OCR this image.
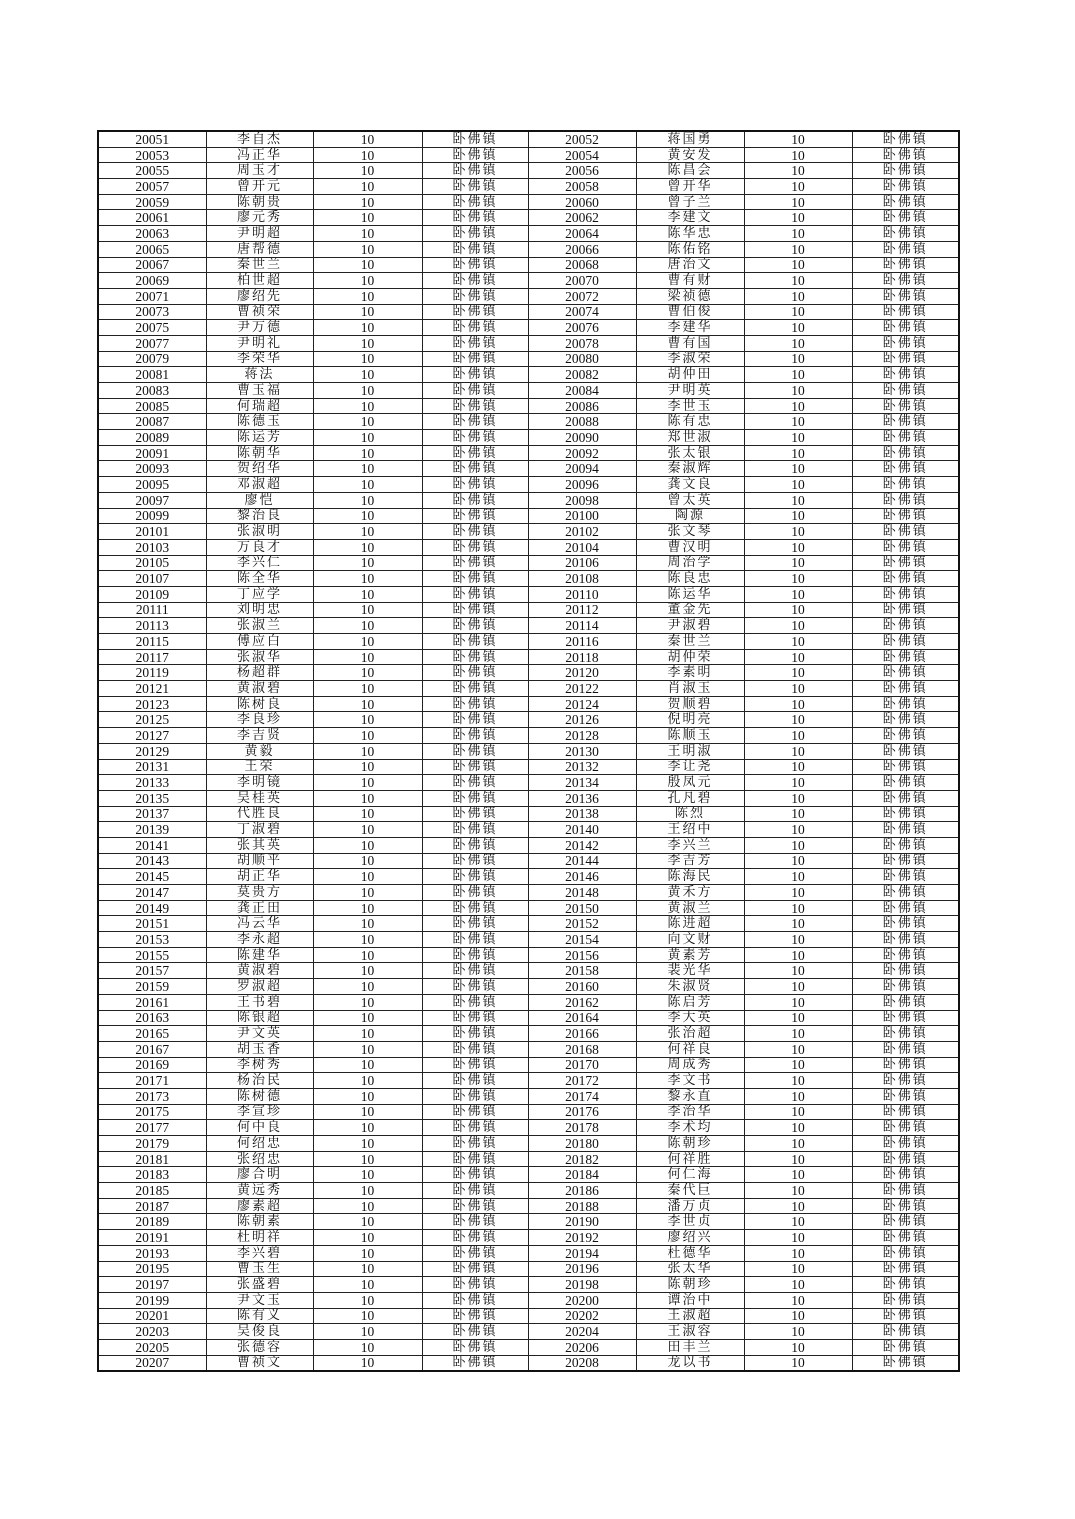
20051	李自杰	10	卧佛镇	20052	蒋国勇	10	卧佛镇
20053	冯正华	10	卧佛镇	20054	黄安发	10	卧佛镇
20055	周玉才	10	卧佛镇	20056	陈昌会	10	卧佛镇
20057	曾开元	10	卧佛镇	20058	曾开华	10	卧佛镇
20059	陈朝贵	10	卧佛镇	20060	曾子兰	10	卧佛镇
20061	廖元秀	10	卧佛镇	20062	李建文	10	卧佛镇
20063	尹明超	10	卧佛镇	20064	陈华忠	10	卧佛镇
20065	唐帮德	10	卧佛镇	20066	陈佑铭	10	卧佛镇
20067	秦世兰	10	卧佛镇	20068	唐治文	10	卧佛镇
20069	柏世超	10	卧佛镇	20070	曹有财	10	卧佛镇
20071	廖绍先	10	卧佛镇	20072	梁祯德	10	卧佛镇
20073	曹祯荣	10	卧佛镇	20074	曹伯俊	10	卧佛镇
20075	尹万德	10	卧佛镇	20076	李建华	10	卧佛镇
20077	尹明礼	10	卧佛镇	20078	曹有国	10	卧佛镇
20079	李荣华	10	卧佛镇	20080	李淑荣	10	卧佛镇
20081	蒋法	10	卧佛镇	20082	胡仲田	10	卧佛镇
20083	曹玉福	10	卧佛镇	20084	尹明英	10	卧佛镇
20085	何瑞超	10	卧佛镇	20086	李世玉	10	卧佛镇
20087	陈德玉	10	卧佛镇	20088	陈有忠	10	卧佛镇
20089	陈运芳	10	卧佛镇	20090	郑世淑	10	卧佛镇
20091	陈朝华	10	卧佛镇	20092	张太银	10	卧佛镇
20093	贺绍华	10	卧佛镇	20094	秦淑辉	10	卧佛镇
20095	邓淑超	10	卧佛镇	20096	龚文良	10	卧佛镇
20097	廖恺	10	卧佛镇	20098	曾太英	10	卧佛镇
20099	黎治良	10	卧佛镇	20100	陶源	10	卧佛镇
20101	张淑明	10	卧佛镇	20102	张文琴	10	卧佛镇
20103	万良才	10	卧佛镇	20104	曹汉明	10	卧佛镇
20105	李兴仁	10	卧佛镇	20106	周治学	10	卧佛镇
20107	陈全华	10	卧佛镇	20108	陈良忠	10	卧佛镇
20109	丁应学	10	卧佛镇	20110	陈运华	10	卧佛镇
20111	刘明忠	10	卧佛镇	20112	董金先	10	卧佛镇
20113	张淑兰	10	卧佛镇	20114	尹淑碧	10	卧佛镇
20115	傅应白	10	卧佛镇	20116	秦世兰	10	卧佛镇
20117	张淑华	10	卧佛镇	20118	胡仲荣	10	卧佛镇
20119	杨超群	10	卧佛镇	20120	李素明	10	卧佛镇
20121	黄淑碧	10	卧佛镇	20122	肖淑玉	10	卧佛镇
20123	陈树良	10	卧佛镇	20124	贺顺碧	10	卧佛镇
20125	李良珍	10	卧佛镇	20126	倪明亮	10	卧佛镇
20127	李吉贤	10	卧佛镇	20128	陈顺玉	10	卧佛镇
20129	黄毅	10	卧佛镇	20130	王明淑	10	卧佛镇
20131	王荣	10	卧佛镇	20132	李让尧	10	卧佛镇
20133	李明镜	10	卧佛镇	20134	殷凤元	10	卧佛镇
20135	吴桂英	10	卧佛镇	20136	孔凡碧	10	卧佛镇
20137	代胜良	10	卧佛镇	20138	陈烈	10	卧佛镇
20139	丁淑碧	10	卧佛镇	20140	王绍中	10	卧佛镇
20141	张其英	10	卧佛镇	20142	李兴兰	10	卧佛镇
20143	胡顺平	10	卧佛镇	20144	李吉芳	10	卧佛镇
20145	胡正华	10	卧佛镇	20146	陈海民	10	卧佛镇
20147	莫贵方	10	卧佛镇	20148	黄禾方	10	卧佛镇
20149	龚正田	10	卧佛镇	20150	黄淑兰	10	卧佛镇
20151	冯云华	10	卧佛镇	20152	陈进超	10	卧佛镇
20153	李永超	10	卧佛镇	20154	向文财	10	卧佛镇
20155	陈建华	10	卧佛镇	20156	黄素芳	10	卧佛镇
20157	黄淑碧	10	卧佛镇	20158	裴光华	10	卧佛镇
20159	罗淑超	10	卧佛镇	20160	朱淑贤	10	卧佛镇
20161	王书碧	10	卧佛镇	20162	陈启芳	10	卧佛镇
20163	陈银超	10	卧佛镇	20164	李大英	10	卧佛镇
20165	尹文英	10	卧佛镇	20166	张治超	10	卧佛镇
20167	胡玉香	10	卧佛镇	20168	何祥良	10	卧佛镇
20169	李树秀	10	卧佛镇	20170	周成秀	10	卧佛镇
20171	杨治民	10	卧佛镇	20172	李文书	10	卧佛镇
20173	陈树德	10	卧佛镇	20174	黎永直	10	卧佛镇
20175	李宣珍	10	卧佛镇	20176	李治华	10	卧佛镇
20177	何中良	10	卧佛镇	20178	李术均	10	卧佛镇
20179	何绍忠	10	卧佛镇	20180	陈朝珍	10	卧佛镇
20181	张绍忠	10	卧佛镇	20182	何祥胜	10	卧佛镇
20183	廖合明	10	卧佛镇	20184	何仁海	10	卧佛镇
20185	黄远秀	10	卧佛镇	20186	秦代巨	10	卧佛镇
20187	廖素超	10	卧佛镇	20188	潘万贞	10	卧佛镇
20189	陈朝素	10	卧佛镇	20190	李世贞	10	卧佛镇
20191	杜明祥	10	卧佛镇	20192	廖绍兴	10	卧佛镇
20193	李兴碧	10	卧佛镇	20194	杜德华	10	卧佛镇
20195	曹玉生	10	卧佛镇	20196	张太华	10	卧佛镇
20197	张盛碧	10	卧佛镇	20198	陈朝珍	10	卧佛镇
20199	尹文玉	10	卧佛镇	20200	谭治中	10	卧佛镇
20201	陈有义	10	卧佛镇	20202	王淑超	10	卧佛镇
20203	吴俊良	10	卧佛镇	20204	王淑容	10	卧佛镇
20205	张德容	10	卧佛镇	20206	田丰兰	10	卧佛镇
20207	曹祯文	10	卧佛镇	20208	龙以书	10	卧佛镇
